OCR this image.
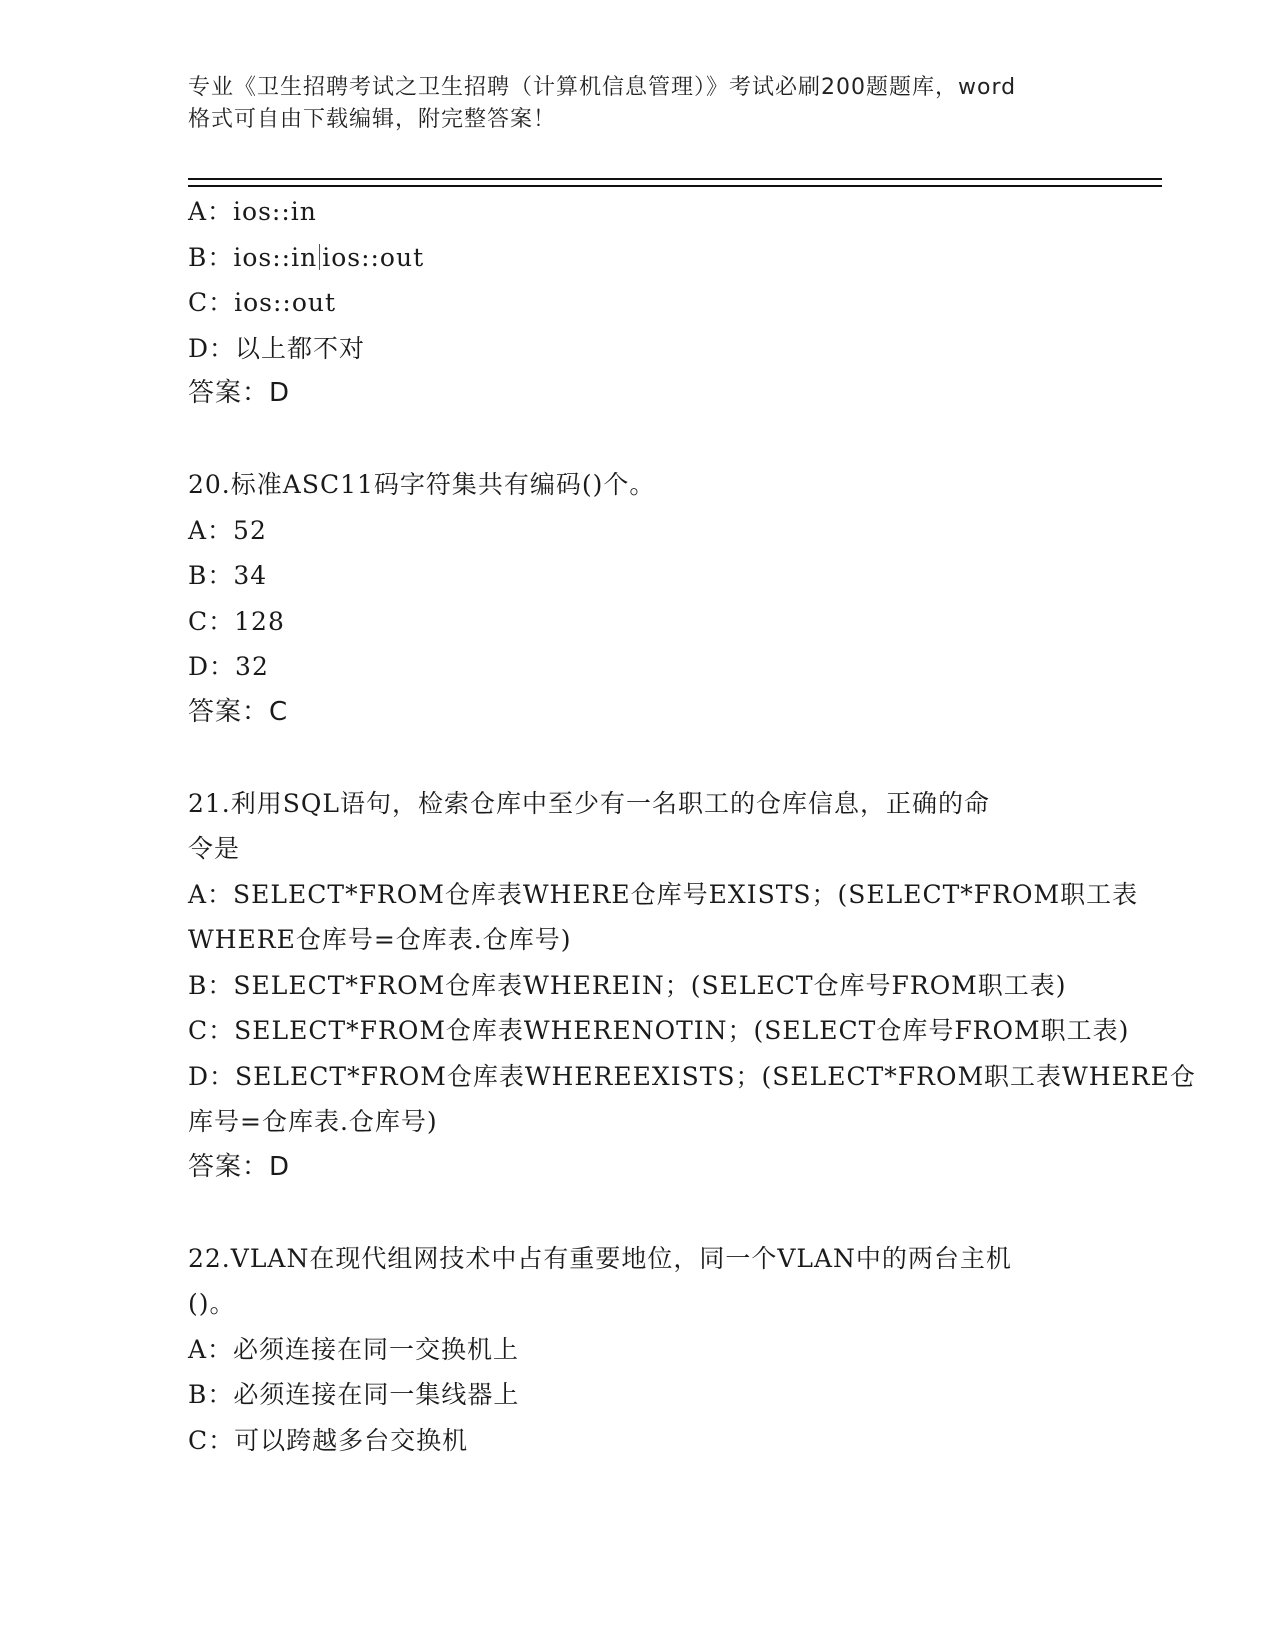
专业《卫生招聘考试之卫生招聘（计算机信息管理）》考试必刷200题题库，word
格式可自由下载编辑，附完整答案！
A：ios::in
B：ios::in ios::out
C：ios::out
D：以上都不对
答案：D
20.标准ASC11码字符集共有编码()个。
A：52
B：34
C：128
D：32
答案：C
21.利用SQL语句，检索仓库中至少有一名职工的仓库信息，正确的命
令是
A：SELECT*FROM仓库表WHERE仓库号EXISTS；(SELECT*FROM职工表
WHERE仓库号=仓库表.仓库号)
B：SELECT*FROM仓库表WHEREIN；(SELECT仓库号FROM职工表)
C：SELECT*FROM仓库表WHERENOTIN；(SELECT仓库号FROM职工表)
D：SELECT*FROM仓库表WHEREEXISTS；(SELECT*FROM职工表WHERE仓
库号=仓库表.仓库号)
答案：D
22.VLAN在现代组网技术中占有重要地位，同一个VLAN中的两台主机
()。
A：必须连接在同一交换机上
B：必须连接在同一集线器上
C：可以跨越多台交换机
